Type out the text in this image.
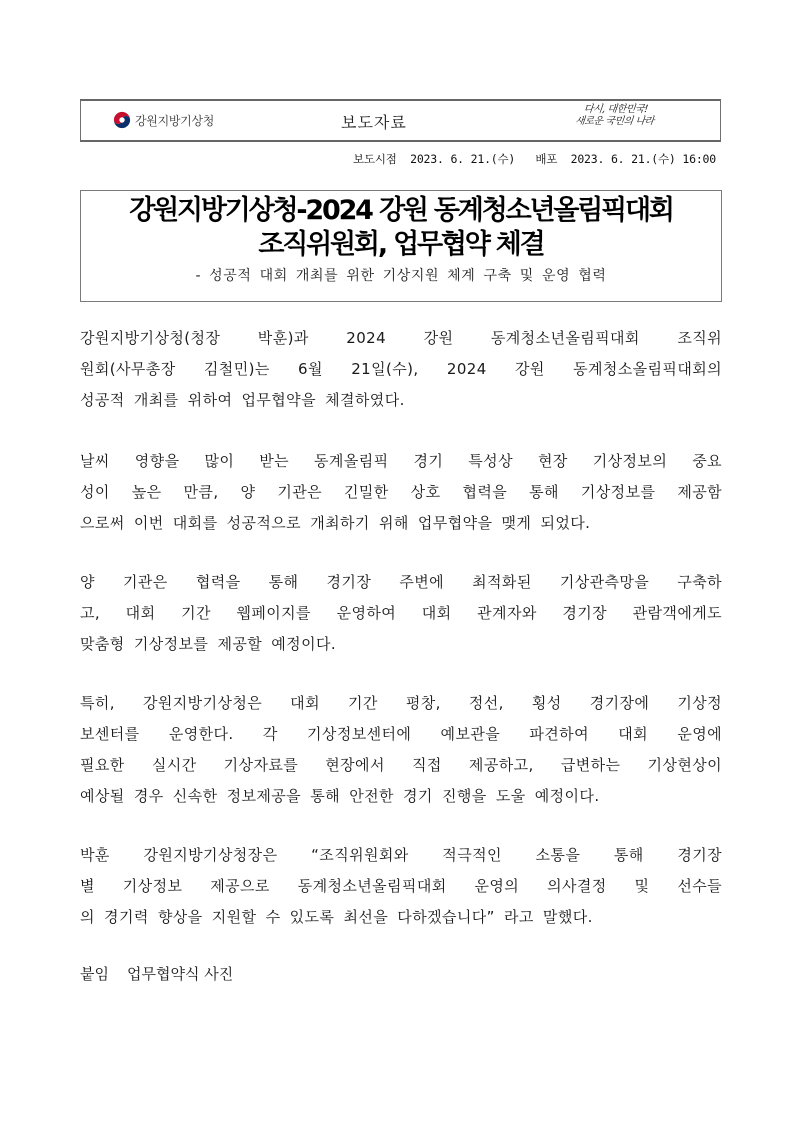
강원지방기상청	보도자료
다시, 대한민국!
새로운 국민의 나라
보도시점 2023. 6. 21.(수) 배포 2023. 6. 21.(수) 16:00
강원지방기상청-2024 강원 동계청소년올림픽대회
조직위원회, 업무협약 체결
- 성공적 대회 개최를 위한 기상지원 체계 구축 및 운영 협력
강원지방기상청(청장 박훈)과 2024 강원 동계청소년올림픽대회 조직위
원회(사무총장 김철민)는 6월 21일(수), 2024 강원 동계청소올림픽대회의
성공적 개최를 위하여 업무협약을 체결하였다.
날씨 영향을 많이 받는 동계올림픽 경기 특성상 현장 기상정보의 중요
성이 높은 만큼, 양 기관은 긴밀한 상호 협력을 통해 기상정보를 제공함
으로써 이번 대회를 성공적으로 개최하기 위해 업무협약을 맺게 되었다.
양 기관은 협력을 통해 경기장 주변에 최적화된 기상관측망을 구축하
고, 대회 기간 웹페이지를 운영하여 대회 관계자와 경기장 관람객에게도
맞춤형 기상정보를 제공할 예정이다.
특히, 강원지방기상청은 대회 기간 평창, 정선, 횡성 경기장에 기상정
보센터를 운영한다. 각 기상정보센터에 예보관을 파견하여 대회 운영에
필요한 실시간 기상자료를 현장에서 직접 제공하고, 급변하는 기상현상이
예상될 경우 신속한 정보제공을 통해 안전한 경기 진행을 도울 예정이다.
박훈 강원지방기상청장은 “조직위원회와 적극적인 소통을 통해 경기장
별 기상정보 제공으로 동계청소년올림픽대회 운영의 의사결정 및 선수들
의 경기력 향상을 지원할 수 있도록 최선을 다하겠습니다” 라고 말했다.
붙임 업무협약식 사진
